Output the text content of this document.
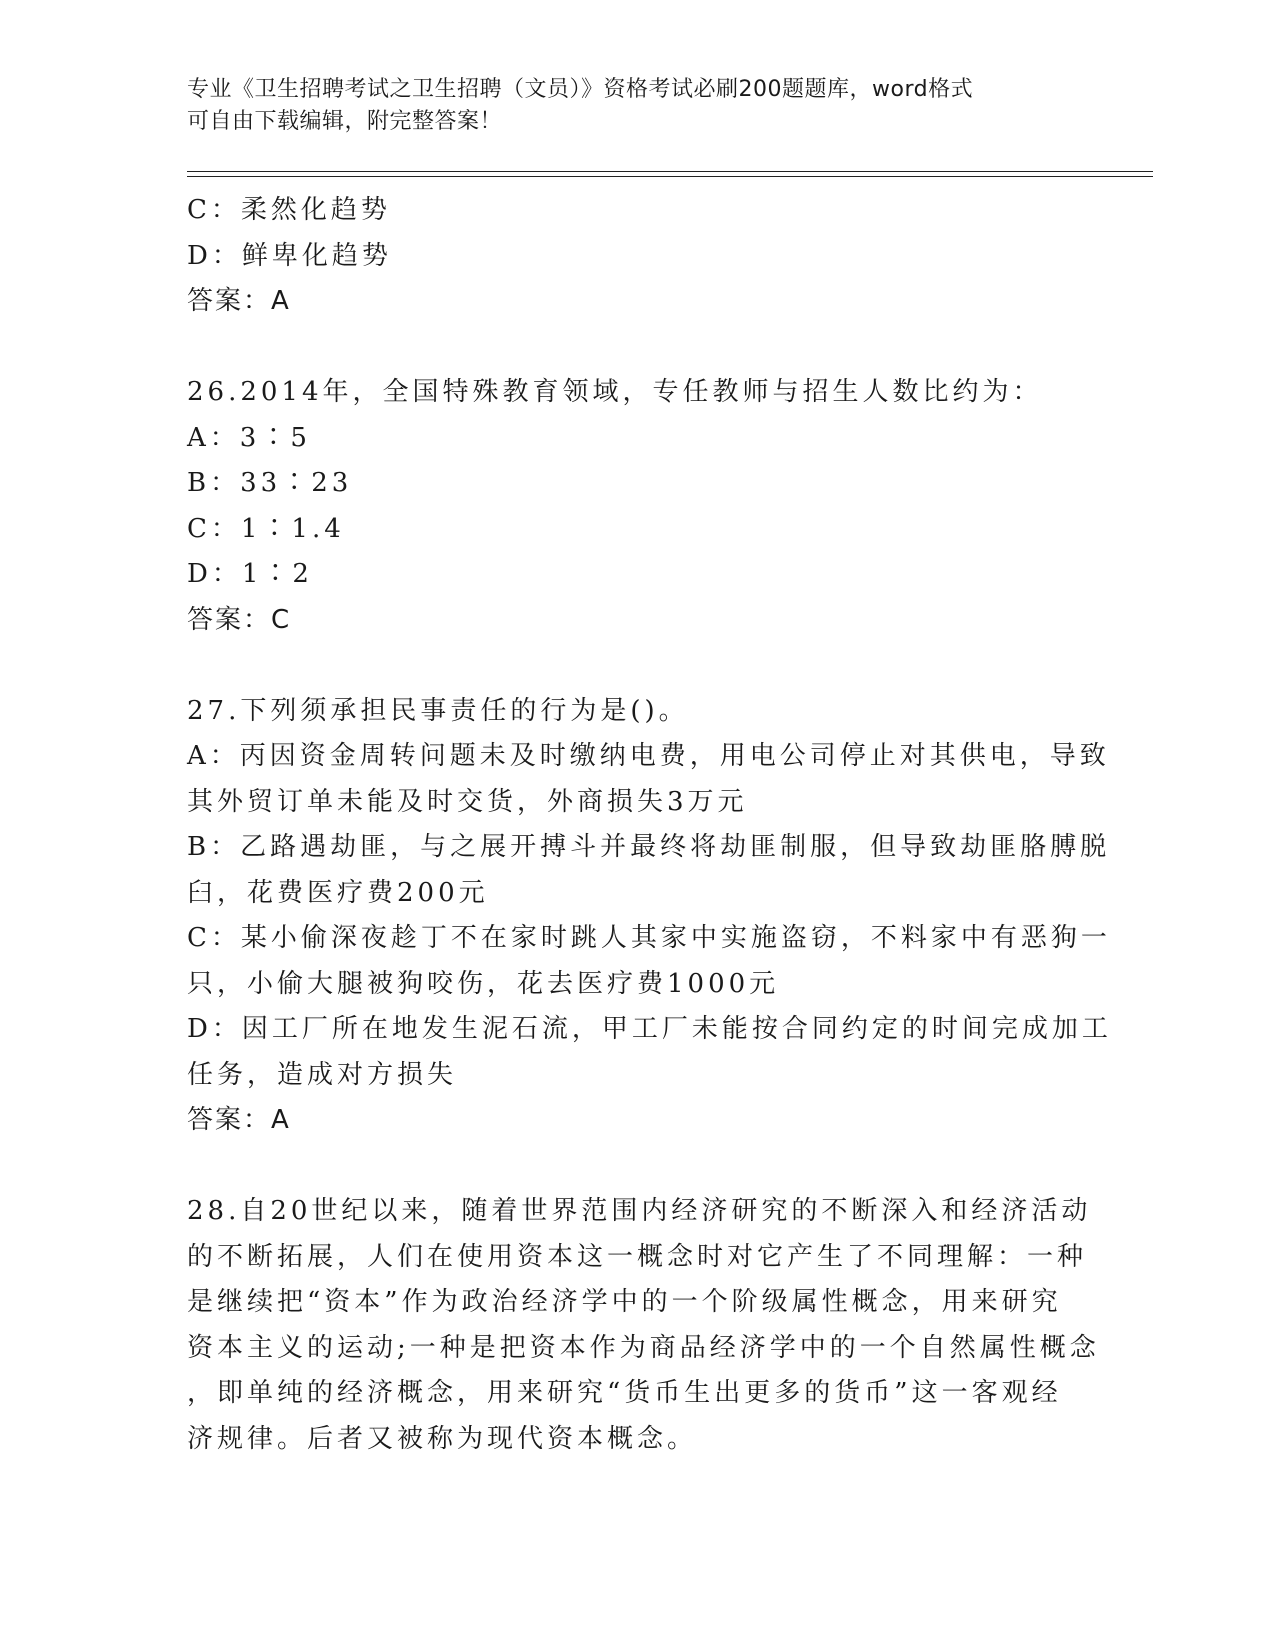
专业《卫生招聘考试之卫生招聘（文员）》资格考试必刷200题题库，word格式
可自由下载编辑，附完整答案！
C：柔然化趋势
D：鲜卑化趋势
答案：A
26.2014年，全国特殊教育领域，专任教师与招生人数比约为：
A：3∶5
B：33∶23
C：1∶1.4
D：1∶2
答案：C
27.下列须承担民事责任的行为是()。
A：丙因资金周转问题未及时缴纳电费，用电公司停止对其供电，导致
其外贸订单未能及时交货，外商损失3万元
B：乙路遇劫匪，与之展开搏斗并最终将劫匪制服，但导致劫匪胳膊脱
臼，花费医疗费200元
C：某小偷深夜趁丁不在家时跳人其家中实施盗窃，不料家中有恶狗一
只，小偷大腿被狗咬伤，花去医疗费1000元
D：因工厂所在地发生泥石流，甲工厂未能按合同约定的时间完成加工
任务，造成对方损失
答案：A
28.自20世纪以来，随着世界范围内经济研究的不断深入和经济活动
的不断拓展，人们在使用资本这一概念时对它产生了不同理解：一种
是继续把“资本”作为政治经济学中的一个阶级属性概念，用来研究
资本主义的运动;一种是把资本作为商品经济学中的一个自然属性概念
，即单纯的经济概念，用来研究“货币生出更多的货币”这一客观经
济规律。后者又被称为现代资本概念。
